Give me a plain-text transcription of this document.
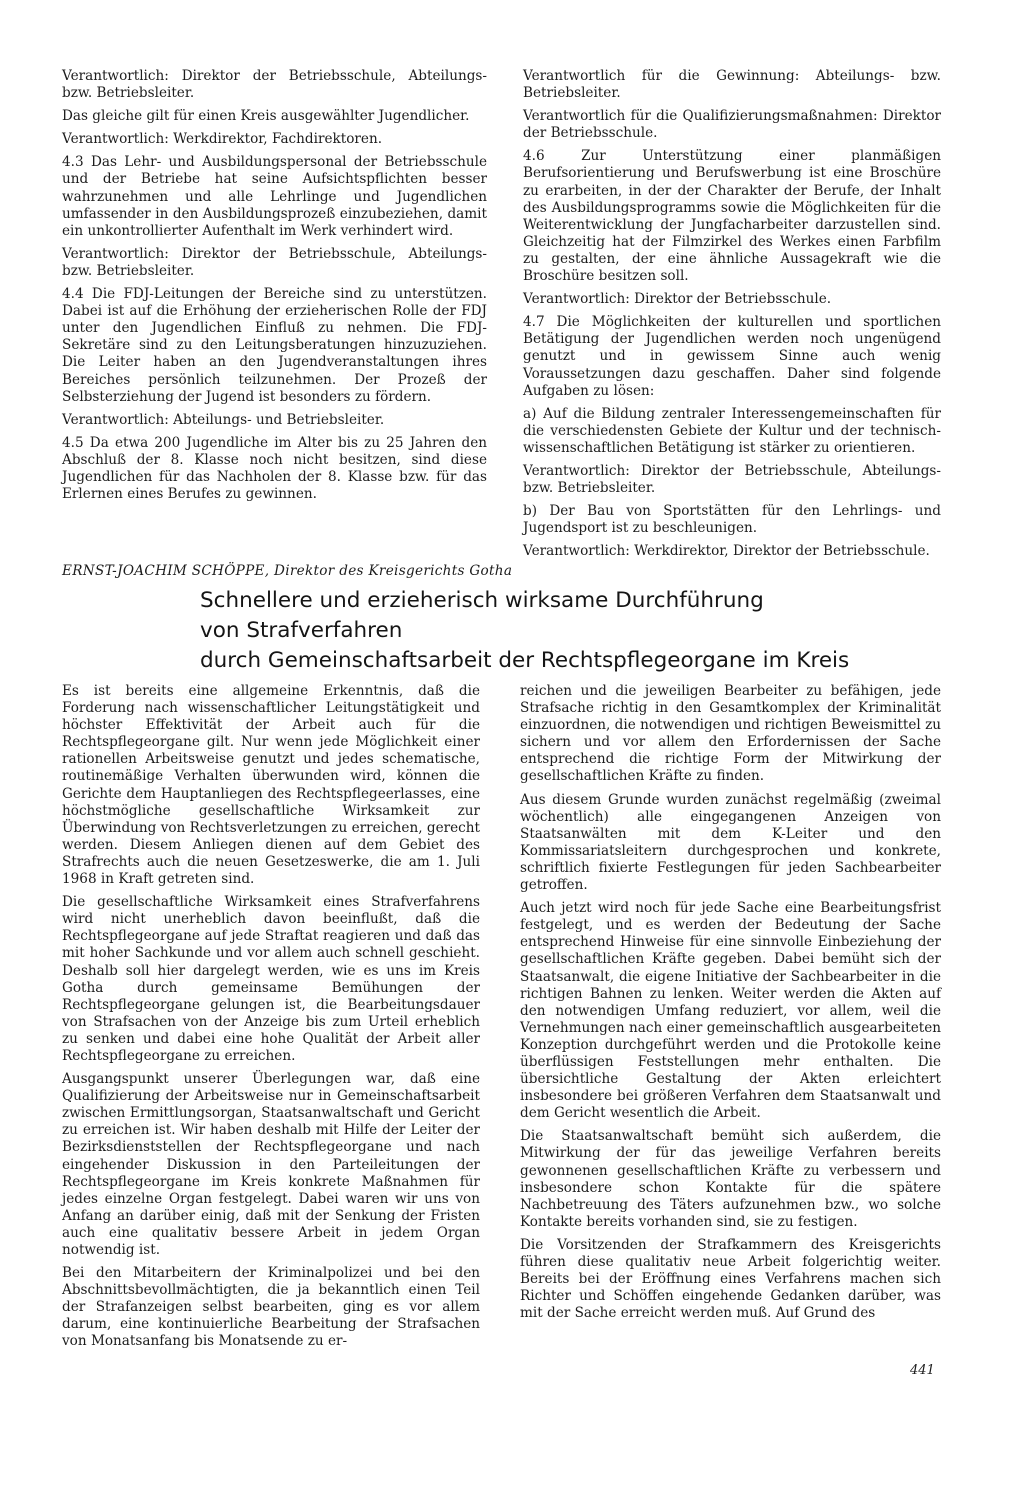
Verantwortlich: Direktor der Betriebsschule, Abteilungs- bzw. Betriebsleiter.

Das gleiche gilt für einen Kreis ausgewählter Jugendlicher.

Verantwortlich: Werkdirektor, Fachdirektoren.

4.3 Das Lehr- und Ausbildungspersonal der Betriebsschule und der Betriebe hat seine Aufsichtspflichten besser wahrzunehmen und alle Lehrlinge und Jugendlichen umfassender in den Ausbildungsprozeß einzubeziehen, damit ein unkontrollierter Aufenthalt im Werk verhindert wird.

Verantwortlich: Direktor der Betriebsschule, Abteilungs- bzw. Betriebsleiter.

4.4 Die FDJ-Leitungen der Bereiche sind zu unterstützen. Dabei ist auf die Erhöhung der erzieherischen Rolle der FDJ unter den Jugendlichen Einfluß zu nehmen. Die FDJ-Sekretäre sind zu den Leitungsberatungen hinzuzuziehen. Die Leiter haben an den Jugendveranstaltungen ihres Bereiches persönlich teilzunehmen. Der Prozeß der Selbsterziehung der Jugend ist besonders zu fördern.

Verantwortlich: Abteilungs- und Betriebsleiter.

4.5 Da etwa 200 Jugendliche im Alter bis zu 25 Jahren den Abschluß der 8. Klasse noch nicht besitzen, sind diese Jugendlichen für das Nachholen der 8. Klasse bzw. für das Erlernen eines Berufes zu gewinnen.

Verantwortlich für die Gewinnung: Abteilungs- bzw. Betriebsleiter.

Verantwortlich für die Qualifizierungsmaßnahmen: Direktor der Betriebsschule.

4.6 Zur Unterstützung einer planmäßigen Berufsorientierung und Berufswerbung ist eine Broschüre zu erarbeiten, in der der Charakter der Berufe, der Inhalt des Ausbildungsprogramms sowie die Möglichkeiten für die Weiterentwicklung der Jungfacharbeiter darzustellen sind. Gleichzeitig hat der Filmzirkel des Werkes einen Farbfilm zu gestalten, der eine ähnliche Aussagekraft wie die Broschüre besitzen soll.

Verantwortlich: Direktor der Betriebsschule.

4.7 Die Möglichkeiten der kulturellen und sportlichen Betätigung der Jugendlichen werden noch ungenügend genutzt und in gewissem Sinne auch wenig Voraussetzungen dazu geschaffen. Daher sind folgende Aufgaben zu lösen:

a) Auf die Bildung zentraler Interessengemeinschaften für die verschiedensten Gebiete der Kultur und der technisch-wissenschaftlichen Betätigung ist stärker zu orientieren.

Verantwortlich: Direktor der Betriebsschule, Abteilungs- bzw. Betriebsleiter.

b) Der Bau von Sportstätten für den Lehrlings- und Jugendsport ist zu beschleunigen.

Verantwortlich: Werkdirektor, Direktor der Betriebsschule.

ERNST-JOACHIM SCHÖPPE, Direktor des Kreisgerichts Gotha
Schnellere und erzieherisch wirksame Durchführung
von Strafverfahren
durch Gemeinschaftsarbeit der Rechtspflegeorgane im Kreis

Es ist bereits eine allgemeine Erkenntnis, daß die Forderung nach wissenschaftlicher Leitungstätigkeit und höchster Effektivität der Arbeit auch für die Rechtspflegeorgane gilt. Nur wenn jede Möglichkeit einer rationellen Arbeitsweise genutzt und jedes schematische, routinemäßige Verhalten überwunden wird, können die Gerichte dem Hauptanliegen des Rechtspflegeerlasses, eine höchstmögliche gesellschaftliche Wirksamkeit zur Überwindung von Rechtsverletzungen zu erreichen, gerecht werden. Diesem Anliegen dienen auf dem Gebiet des Strafrechts auch die neuen Gesetzeswerke, die am 1. Juli 1968 in Kraft getreten sind.

Die gesellschaftliche Wirksamkeit eines Strafverfahrens wird nicht unerheblich davon beeinflußt, daß die Rechtspflegeorgane auf jede Straftat reagieren und daß das mit hoher Sachkunde und vor allem auch schnell geschieht. Deshalb soll hier dargelegt werden, wie es uns im Kreis Gotha durch gemeinsame Bemühungen der Rechtspflegeorgane gelungen ist, die Bearbeitungsdauer von Strafsachen von der Anzeige bis zum Urteil erheblich zu senken und dabei eine hohe Qualität der Arbeit aller Rechtspflegeorgane zu erreichen.

Ausgangspunkt unserer Überlegungen war, daß eine Qualifizierung der Arbeitsweise nur in Gemeinschaftsarbeit zwischen Ermittlungsorgan, Staatsanwaltschaft und Gericht zu erreichen ist. Wir haben deshalb mit Hilfe der Leiter der Bezirksdienststellen der Rechtspflegeorgane und nach eingehender Diskussion in den Parteileitungen der Rechtspflegeorgane im Kreis konkrete Maßnahmen für jedes einzelne Organ festgelegt. Dabei waren wir uns von Anfang an darüber einig, daß mit der Senkung der Fristen auch eine qualitativ bessere Arbeit in jedem Organ notwendig ist.

Bei den Mitarbeitern der Kriminalpolizei und bei den Abschnittsbevollmächtigten, die ja bekanntlich einen Teil der Strafanzeigen selbst bearbeiten, ging es vor allem darum, eine kontinuierliche Bearbeitung der Strafsachen von Monatsanfang bis Monatsende zu er-

reichen und die jeweiligen Bearbeiter zu befähigen, jede Strafsache richtig in den Gesamtkomplex der Kriminalität einzuordnen, die notwendigen und richtigen Beweismittel zu sichern und vor allem den Erfordernissen der Sache entsprechend die richtige Form der Mitwirkung der gesellschaftlichen Kräfte zu finden.

Aus diesem Grunde wurden zunächst regelmäßig (zweimal wöchentlich) alle eingegangenen Anzeigen von Staatsanwälten mit dem K-Leiter und den Kommissariatsleitern durchgesprochen und konkrete, schriftlich fixierte Festlegungen für jeden Sachbearbeiter getroffen.

Auch jetzt wird noch für jede Sache eine Bearbeitungsfrist festgelegt, und es werden der Bedeutung der Sache entsprechend Hinweise für eine sinnvolle Einbeziehung der gesellschaftlichen Kräfte gegeben. Dabei bemüht sich der Staatsanwalt, die eigene Initiative der Sachbearbeiter in die richtigen Bahnen zu lenken. Weiter werden die Akten auf den notwendigen Umfang reduziert, vor allem, weil die Vernehmungen nach einer gemeinschaftlich ausgearbeiteten Konzeption durchgeführt werden und die Protokolle keine überflüssigen Feststellungen mehr enthalten. Die übersichtliche Gestaltung der Akten erleichtert insbesondere bei größeren Verfahren dem Staatsanwalt und dem Gericht wesentlich die Arbeit.

Die Staatsanwaltschaft bemüht sich außerdem, die Mitwirkung der für das jeweilige Verfahren bereits gewonnenen gesellschaftlichen Kräfte zu verbessern und insbesondere schon Kontakte für die spätere Nachbetreuung des Täters aufzunehmen bzw., wo solche Kontakte bereits vorhanden sind, sie zu festigen.

Die Vorsitzenden der Strafkammern des Kreisgerichts führen diese qualitativ neue Arbeit folgerichtig weiter. Bereits bei der Eröffnung eines Verfahrens machen sich Richter und Schöffen eingehende Gedanken darüber, was mit der Sache erreicht werden muß. Auf Grund des

441
